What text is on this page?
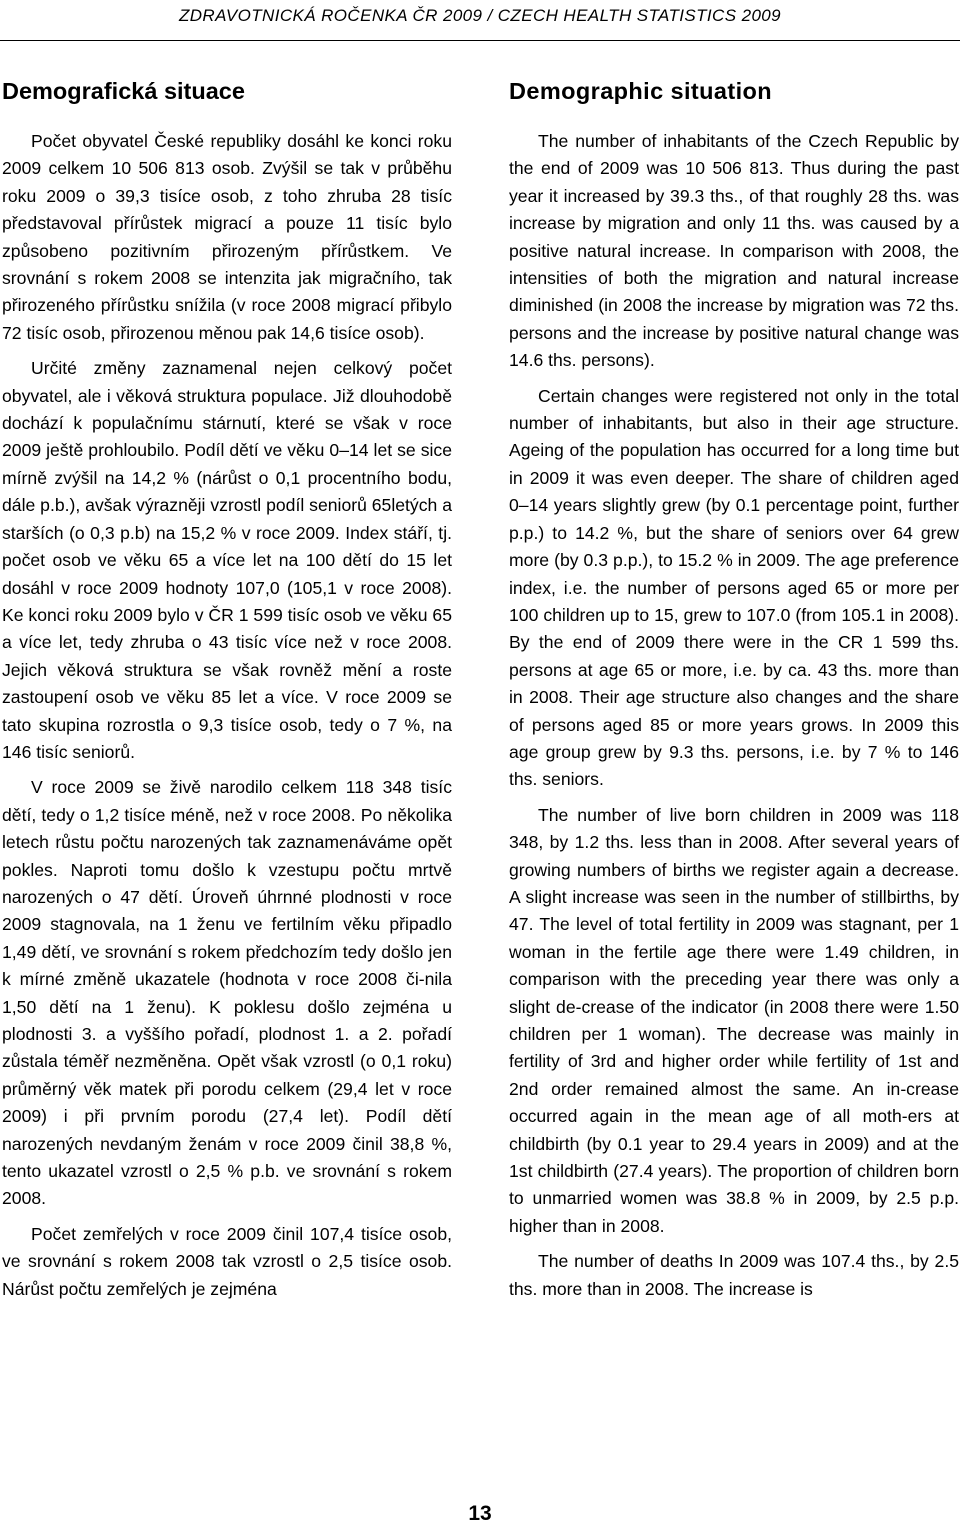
ZDRAVOTNICKÁ ROČENKA ČR 2009 / CZECH HEALTH STATISTICS 2009
Demografická situace

Počet obyvatel České republiky dosáhl ke konci roku 2009 celkem 10 506 813 osob. Zvýšil se tak v průběhu roku 2009 o 39,3 tisíce osob, z toho zhruba 28 tisíc představoval přírůstek migrací a pouze 11 tisíc bylo způsobeno pozitivním přirozeným přírůstkem. Ve srovnání s rokem 2008 se intenzita jak migračního, tak přirozeného přírůstku snížila (v roce 2008 migrací přibylo 72 tisíc osob, přirozenou měnou pak 14,6 tisíce osob).

Určité změny zaznamenal nejen celkový počet obyvatel, ale i věková struktura populace. Již dlouhodobě dochází k populačnímu stárnutí, které se však v roce 2009 ještě prohloubilo. Podíl dětí ve věku 0–14 let se sice mírně zvýšil na 14,2 % (nárůst o 0,1 procentního bodu, dále p.b.), avšak výrazněji vzrostl podíl seniorů 65letých a starších (o 0,3 p.b) na 15,2 % v roce 2009. Index stáří, tj. počet osob ve věku 65 a více let na 100 dětí do 15 let dosáhl v roce 2009 hodnoty 107,0 (105,1 v roce 2008). Ke konci roku 2009 bylo v ČR 1 599 tisíc osob ve věku 65 a více let, tedy zhruba o 43 tisíc více než v roce 2008. Jejich věková struktura se však rovněž mění a roste zastoupení osob ve věku 85 let a více. V roce 2009 se tato skupina rozrostla o 9,3 tisíce osob, tedy o 7 %, na 146 tisíc seniorů.

V roce 2009 se živě narodilo celkem 118 348 tisíc dětí, tedy o 1,2 tisíce méně, než v roce 2008. Po několika letech růstu počtu narozených tak zaznamenáváme opět pokles. Naproti tomu došlo k vzestupu počtu mrtvě narozených o 47 dětí. Úroveň úhrnné plodnosti v roce 2009 stagnovala, na 1 ženu ve fertilním věku připadlo 1,49 dětí, ve srovnání s rokem předchozím tedy došlo jen k mírné změně ukazatele (hodnota v roce 2008 či-nila 1,50 dětí na 1 ženu). K poklesu došlo zejména u plodnosti 3. a vyššího pořadí, plodnost 1. a 2. pořadí zůstala téměř nezměněna. Opět však vzrostl (o 0,1 roku) průměrný věk matek při porodu celkem (29,4 let v roce 2009) i při prvním porodu (27,4 let). Podíl dětí narozených nevdaným ženám v roce 2009 činil 38,8 %, tento ukazatel vzrostl o 2,5 % p.b. ve srovnání s rokem 2008.

Počet zemřelých v roce 2009 činil 107,4 tisíce osob, ve srovnání s rokem 2008 tak vzrostl o 2,5 tisíce osob. Nárůst počtu zemřelých je zejména

Demographic situation

The number of inhabitants of the Czech Republic by the end of 2009 was 10 506 813. Thus during the past year it increased by 39.3 ths., of that roughly 28 ths. was increase by migration and only 11 ths. was caused by a positive natural increase. In comparison with 2008, the intensities of both the migration and natural increase diminished (in 2008 the increase by migration was 72 ths. persons and the increase by positive natural change was 14.6 ths. persons).

Certain changes were registered not only in the total number of inhabitants, but also in their age structure. Ageing of the population has occurred for a long time but in 2009 it was even deeper. The share of children aged 0–14 years slightly grew (by 0.1 percentage point, further p.p.) to 14.2 %, but the share of seniors over 64 grew more (by 0.3 p.p.), to 15.2 % in 2009. The age preference index, i.e. the number of persons aged 65 or more per 100 children up to 15, grew to 107.0 (from 105.1 in 2008). By the end of 2009 there were in the CR 1 599 ths. persons at age 65 or more, i.e. by ca. 43 ths. more than in 2008. Their age structure also changes and the share of persons aged 85 or more years grows. In 2009 this age group grew by 9.3 ths. persons, i.e. by 7 % to 146 ths. seniors.

The number of live born children in 2009 was 118 348, by 1.2 ths. less than in 2008. After several years of growing numbers of births we register again a decrease. A slight increase was seen in the number of stillbirths, by 47. The level of total fertility in 2009 was stagnant, per 1 woman in the fertile age there were 1.49 children, in comparison with the preceding year there was only a slight de-crease of the indicator (in 2008 there were 1.50 children per 1 woman). The decrease was mainly in fertility of 3rd and higher order while fertility of 1st and 2nd order remained almost the same. An in-crease occurred again in the mean age of all moth-ers at childbirth (by 0.1 year to 29.4 years in 2009) and at the 1st childbirth (27.4 years). The proportion of children born to unmarried women was 38.8 % in 2009, by 2.5 p.p. higher than in 2008.

The number of deaths In 2009 was 107.4 ths., by 2.5 ths. more than in 2008. The increase is

13
